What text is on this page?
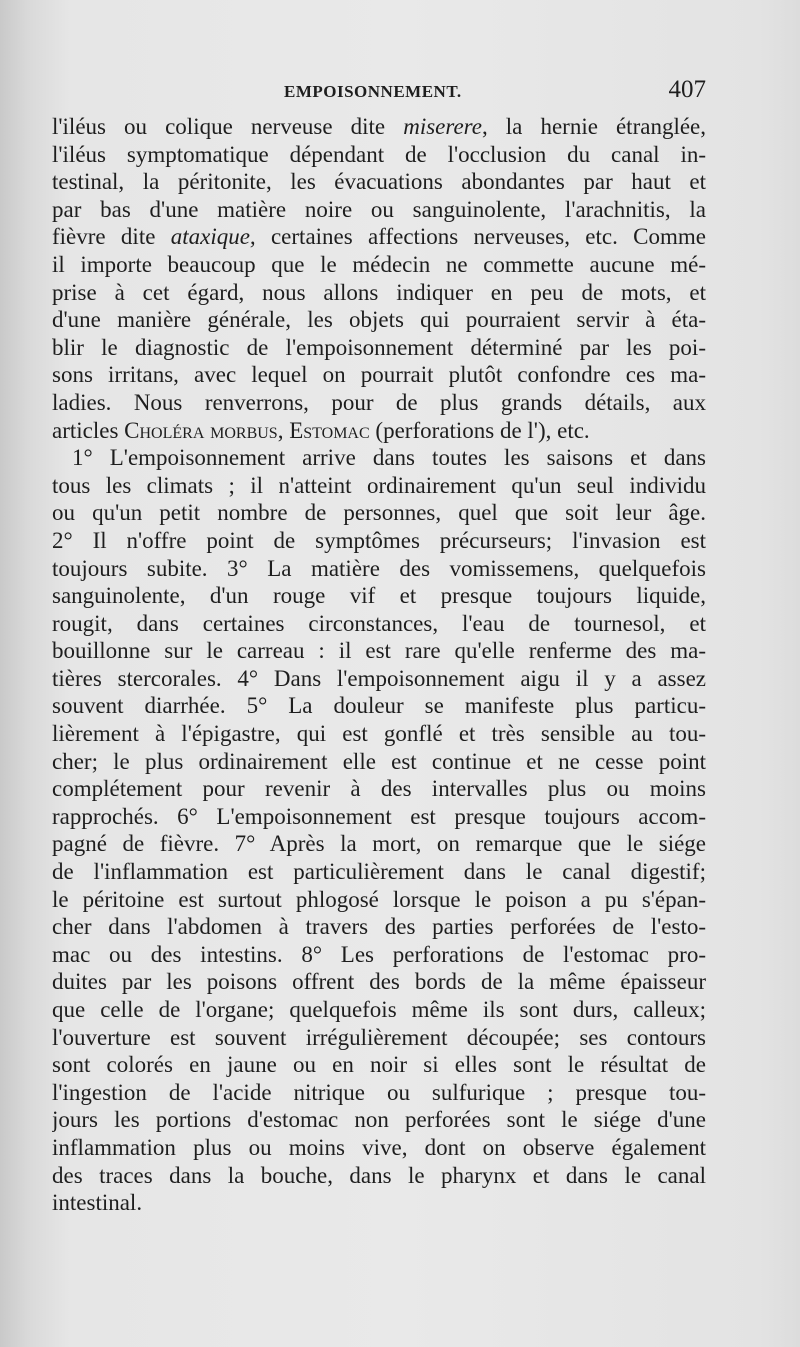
EMPOISONNEMENT.	407
l'iléus ou colique nerveuse dite miserere, la hernie étranglée,
l'iléus symptomatique dépendant de l'occlusion du canal in-
testinal, la péritonite, les évacuations abondantes par haut et
par bas d'une matière noire ou sanguinolente, l'arachnitis, la
fièvre dite ataxique, certaines affections nerveuses, etc. Comme
il importe beaucoup que le médecin ne commette aucune mé-
prise à cet égard, nous allons indiquer en peu de mots, et
d'une manière générale, les objets qui pourraient servir à éta-
blir le diagnostic de l'empoisonnement déterminé par les poi-
sons irritans, avec lequel on pourrait plutôt confondre ces ma-
ladies. Nous renverrons, pour de plus grands détails, aux
articles Choléra morbus, Estomac (perforations de l'), etc.
1° L'empoisonnement arrive dans toutes les saisons et dans
tous les climats ; il n'atteint ordinairement qu'un seul individu
ou qu'un petit nombre de personnes, quel que soit leur âge.
2° Il n'offre point de symptômes précurseurs; l'invasion est
toujours subite. 3° La matière des vomissemens, quelquefois
sanguinolente, d'un rouge vif et presque toujours liquide,
rougit, dans certaines circonstances, l'eau de tournesol, et
bouillonne sur le carreau : il est rare qu'elle renferme des ma-
tières stercorales. 4° Dans l'empoisonnement aigu il y a assez
souvent diarrhée. 5° La douleur se manifeste plus particu-
lièrement à l'épigastre, qui est gonflé et très sensible au tou-
cher; le plus ordinairement elle est continue et ne cesse point
complétement pour revenir à des intervalles plus ou moins
rapprochés. 6° L'empoisonnement est presque toujours accom-
pagné de fièvre. 7° Après la mort, on remarque que le siége
de l'inflammation est particulièrement dans le canal digestif;
le péritoine est surtout phlogosé lorsque le poison a pu s'épan-
cher dans l'abdomen à travers des parties perforées de l'esto-
mac ou des intestins. 8° Les perforations de l'estomac pro-
duites par les poisons offrent des bords de la même épaisseur
que celle de l'organe; quelquefois même ils sont durs, calleux;
l'ouverture est souvent irrégulièrement découpée; ses contours
sont colorés en jaune ou en noir si elles sont le résultat de
l'ingestion de l'acide nitrique ou sulfurique ; presque tou-
jours les portions d'estomac non perforées sont le siége d'une
inflammation plus ou moins vive, dont on observe également
des traces dans la bouche, dans le pharynx et dans le canal
intestinal.
